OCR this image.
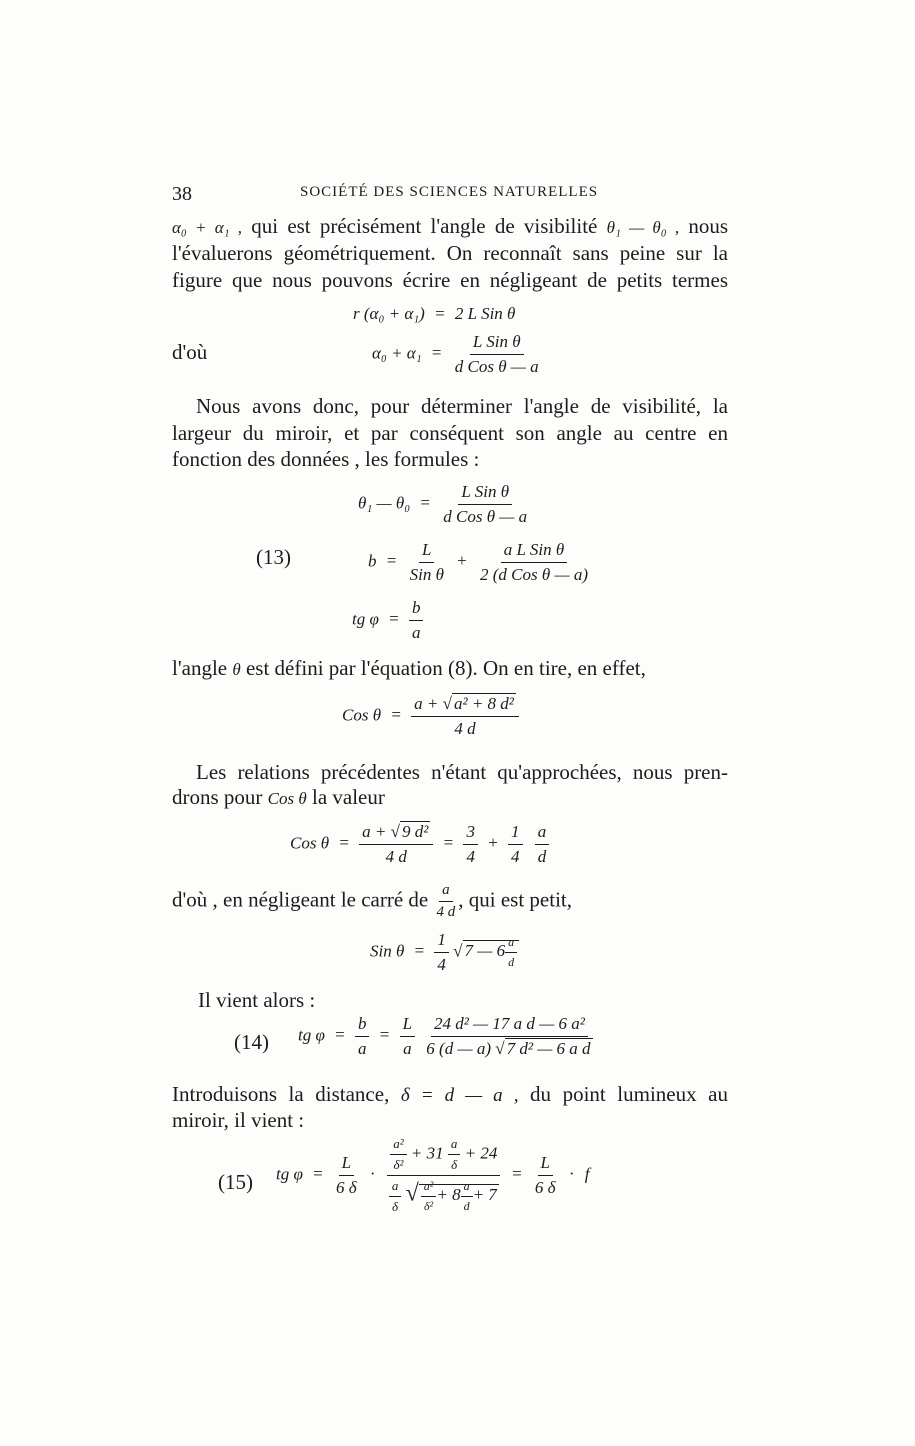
38	SOCIÉTÉ DES SCIENCES NATURELLES
α₀ + α₁ , qui est précisément l'angle de visibilité θ₁ — θ₀ , nous
l'évaluerons géométriquement. On reconnaît sans peine sur la
figure que nous pouvons écrire en négligeant de petits termes
r (α₀ + α₁) = 2 L Sin θ
d'où	$\alpha_0 + \alpha_1 = \frac{\text{L Sin θ}}{\text{d Cos θ — a}}$
Nous avons donc, pour déterminer l'angle de visibilité, la
largeur du miroir, et par conséquent son angle au centre en
fonction des données , les formules :
θ₁ — $\theta_0 = \frac{\text{L Sin θ}}{\text{d Cos θ — a}}$
(13)	$b = \frac{L}{\text{Sin θ}} + \frac{\text{a L Sin θ}}{\text{2 (d Cos θ — a)}}$
tg $\varphi = \frac{b}{a}$
l'angle θ est défini par l'équation (8). On en tire, en effet,
Cos $\theta = \frac{\text{a + √ a² + 8 d²}}{4 d}$
Les relations précédentes n'étant qu'approchées, nous pren-
drons pour Cos θ la valeur
Cos $\theta = \frac{\text{a + √ 9 d²}}{4 d} = \frac{3}{4} + \frac{1}{4}$
$\frac{a}{d}$
d'où , en négligeant le carré de $\frac{a}{4 d}$ , qui est petit,
Sin $\theta = \frac{1}{4}$ √ 7 — $6 \frac{a}{d}$
Il vient alors :
(14) tg $\varphi = \frac{b}{a} = \frac{L}{a}$
$\frac{\text{24 d² — 17 a d — 6 a²}}{\text{6 (d — a) √ 7 d² — 6 a d}}$
Introduisons la distance, δ = d — a , du point lumineux au
miroir, il vient :
(15) tg $\varphi = \frac{L}{6 \delta}$ ·
$\frac{\text{a²}}{\text{δ²}} + 31 \frac{a}{\delta} + 24$
$\frac{a}{\delta}$ √ $\frac{\text{a²}}{\text{δ²}} + 8 \frac{a}{d} + 7$
= $\frac{L}{6 \delta} \cdot f$
